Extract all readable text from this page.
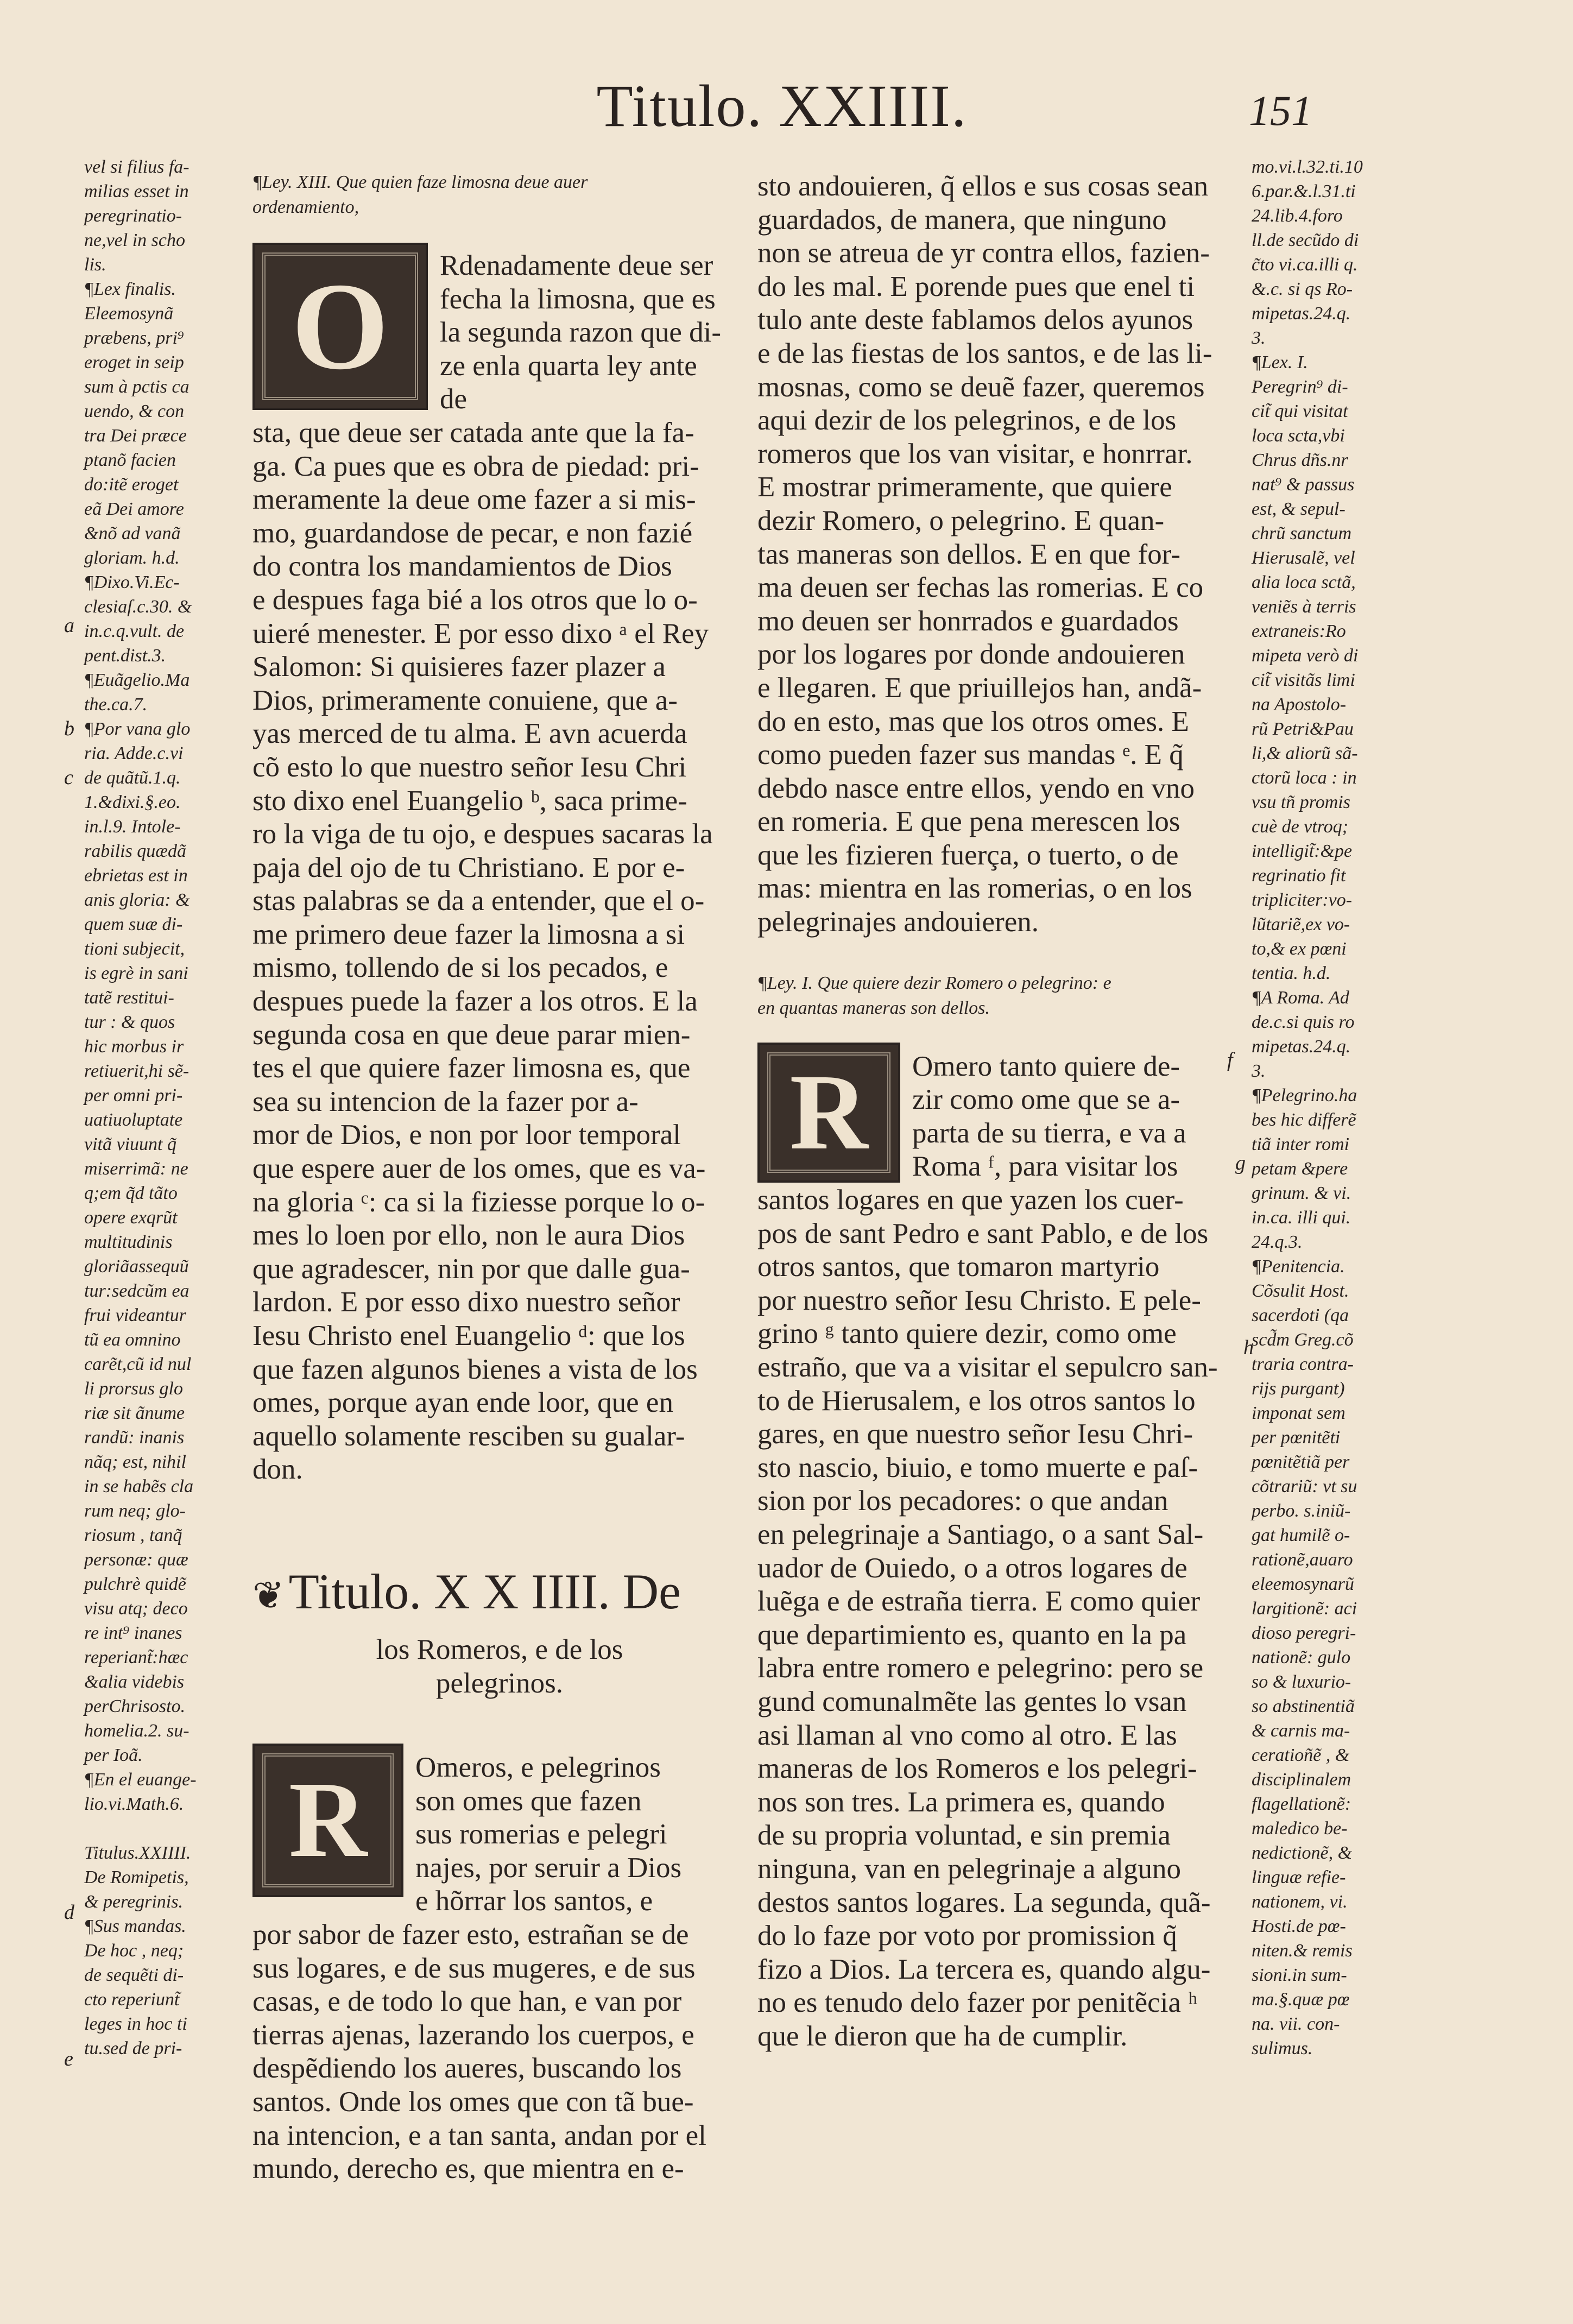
Titulo. XXIIII.	151
vel si filius fa-
milias esset in
peregrinatio-
ne,vel in scho
lis.
¶Lex finalis.
Eleemosynã
præbens, pri⁹
eroget in seip
sum à pctis ca
uendo, & con
tra Dei præce
ptanõ facien
do:itẽ eroget
eã Dei amore
&nõ ad vanã
gloriam. h.d.
¶Dixo.Vi.Ec-
clesiaſ.c.30. &
in.c.q.vult. de
pent.dist.3.
¶Euãgelio.Ma
the.ca.7.
¶Por vana glo
ria. Adde.c.vi
de quãtũ.1.q.
1.&dixi.§.eo.
in.l.9. Intole-
rabilis quædã
ebrietas est in
anis gloria: &
quem suæ di-
tioni subjecit,
is egrè in sani
tatẽ restitui-
tur : & quos
hic morbus ir
retiuerit,hi sẽ-
per omni pri-
uatiuoluptate
vitã viuunt q̃
miserrimã: ne
q;em q̃d tãto
opere exqrũt
multitudinis
gloriãassequũ
tur:sedcũm ea
frui videantur
tũ ea omnino
carẽt,cũ id nul
li prorsus glo
riæ sit ãnume
randũ: inanis
nãq; est, nihil
in se habẽs cla
rum neq; glo-
riosum , tanq̃
personæ: quæ
pulchrè quidẽ
visu atq; deco
re int⁹ inanes
reperiant̃:hæc
&alia videbis
perChrisosto.
homelia.2. su-
per Ioã.
¶En el euange-
lio.vi.Math.6.

Titulus.XXIIII.
De Romipetis,
& peregrinis.
¶Sus mandas.
De hoc , neq;
de sequẽti di-
cto reperiunt̃
leges in hoc ti
tu.sed de pri-
a
b
c
d
e
f
g
h

¶Ley. XIII. Que quien faze limosna deue auer
ordenamiento,

O	Rdenadamente deue ser
fecha la limosna, que es
la segunda razon que di-
ze enla quarta ley ante de
sta, que deue ser catada ante que la fa-
ga. Ca pues que es obra de piedad: pri-
meramente la deue ome fazer a si mis-
mo, guardandose de pecar, e non fazié
do contra los mandamientos de Dios
e despues faga bié a los otros que lo o-
uieré menester. E por esso dixo ᵃ el Rey
Salomon: Si quisieres fazer plazer a
Dios, primeramente conuiene, que a-
yas merced de tu alma. E avn acuerda
cõ esto lo que nuestro señor Iesu Chri
sto dixo enel Euangelio ᵇ, saca prime-
ro la viga de tu ojo, e despues sacaras la
paja del ojo de tu Christiano. E por e-
stas palabras se da a entender, que el o-
me primero deue fazer la limosna a si
mismo, tollendo de si los pecados, e
despues puede la fazer a los otros. E la
segunda cosa en que deue parar mien-
tes el que quiere fazer limosna es, que
sea su intencion de la fazer por a-
mor de Dios, e non por loor temporal
que espere auer de los omes, que es va-
na gloria ᶜ: ca si la fiziesse porque lo o-
mes lo loen por ello, non le aura Dios
que agradescer, nin por que dalle gua-
lardon. E por esso dixo nuestro señor
Iesu Christo enel Euangelio ᵈ: que los
que fazen algunos bienes a vista de los
omes, porque ayan ende loor, que en
aquello solamente resciben su gualar-
don.

❦Titulo. X X IIII. De

los Romeros, e de los
pelegrinos.

R	Omeros, e pelegrinos
son omes que fazen
sus romerias e pelegri
najes, por seruir a Dios
e hõrrar los santos, e
por sabor de fazer esto, estrañan se de
sus logares, e de sus mugeres, e de sus
casas, e de todo lo que han, e van por
tierras ajenas, lazerando los cuerpos, e
despẽdiendo los aueres, buscando los
santos. Onde los omes que con tã bue-
na intencion, e a tan santa, andan por el
mundo, derecho es, que mientra en e-

sto andouieren, q̃ ellos e sus cosas sean
guardados, de manera, que ninguno
non se atreua de yr contra ellos, fazien-
do les mal. E porende pues que enel ti
tulo ante deste fablamos delos ayunos
e de las fiestas de los santos, e de las li-
mosnas, como se deuẽ fazer, queremos
aqui dezir de los pelegrinos, e de los
romeros que los van visitar, e honrrar.
E mostrar primeramente, que quiere
dezir Romero, o pelegrino. E quan-
tas maneras son dellos. E en que for-
ma deuen ser fechas las romerias. E co
mo deuen ser honrrados e guardados
por los logares por donde andouieren
e llegaren. E que priuillejos han, andã-
do en esto, mas que los otros omes. E
como pueden fazer sus mandas ᵉ. E q̃
debdo nasce entre ellos, yendo en vno
en romeria. E que pena merescen los
que les fizieren fuerça, o tuerto, o de
mas: mientra en las romerias, o en los
pelegrinajes andouieren.

¶Ley. I. Que quiere dezir Romero o pelegrino: e
en quantas maneras son dellos.

R	Omero tanto quiere de-
zir como ome que se a-
parta de su tierra, e va a
Roma ᶠ, para visitar los
santos logares en que yazen los cuer-
pos de sant Pedro e sant Pablo, e de los
otros santos, que tomaron martyrio
por nuestro señor Iesu Christo. E pele-
grino ᵍ tanto quiere dezir, como ome
estraño, que va a visitar el sepulcro san-
to de Hierusalem, e los otros santos lo
gares, en que nuestro señor Iesu Chri-
sto nascio, biuio, e tomo muerte e paſ-
sion por los pecadores: o que andan
en pelegrinaje a Santiago, o a sant Sal-
uador de Ouiedo, o a otros logares de
luẽga e de estraña tierra. E como quier
que departimiento es, quanto en la pa
labra entre romero e pelegrino: pero se
gund comunalmẽte las gentes lo vsan
asi llaman al vno como al otro. E las
maneras de los Romeros e los pelegri-
nos son tres. La primera es, quando
de su propria voluntad, e sin premia
ninguna, van en pelegrinaje a alguno
destos santos logares. La segunda, quã-
do lo faze por voto por promission q̃
fizo a Dios. La tercera es, quando algu-
no es tenudo delo fazer por penitẽcia ʰ
que le dieron que ha de cumplir.

mo.vi.l.32.ti.10
6.par.&.l.31.ti
24.lib.4.foro
ll.de secũdo di
c̃to vi.ca.illi q.
&.c. si qs Ro-
mipetas.24.q.
3.
¶Lex. I.
Peregrin⁹ di-
cit̃ qui visitat
loca scta,vbi
Chrus dñs.nr
nat⁹ & passus
est, & sepul-
chrũ sanctum
Hierusalẽ, vel
alia loca sctã,
veniẽs à terris
extraneis:Ro
mipeta verò di
cit̃ visitãs limi
na Apostolo-
rũ Petri&Pau
li,& aliorũ sã-
ctorũ loca : in
vsu tñ promis
cuè de vtroq;
intelligit̃:&pe
regrinatio fit
tripliciter:vo-
lũtariẽ,ex vo-
to,& ex pœni
tentia. h.d.
¶A Roma. Ad
de.c.si quis ro
mipetas.24.q.
3.
¶Pelegrino.ha
bes hic differẽ
tiã inter romi
petam &pere
grinum. & vi.
in.ca. illi qui.
24.q.3.
¶Penitencia.
Cõsulit Host.
sacerdoti (qa
scd̃m Greg.cõ
traria contra-
rijs purgant)
imponat sem
per pœnitẽti
pœnitẽtiã per
cõtrariũ: vt su
perbo. s.iniũ-
gat humilẽ o-
rationẽ,auaro
eleemosynarũ
largitionẽ: aci
dioso peregri-
nationẽ: gulo
so & luxurio-
so abstinentiã
& carnis ma-
ceratioñẽ , &
disciplinalem
flagellationẽ:
maledico be-
nedictionẽ, &
linguæ refie-
nationem, vi.
Hosti.de pœ-
niten.& remis
sioni.in sum-
ma.§.quæ pœ
na. vii. con-
sulimus.
